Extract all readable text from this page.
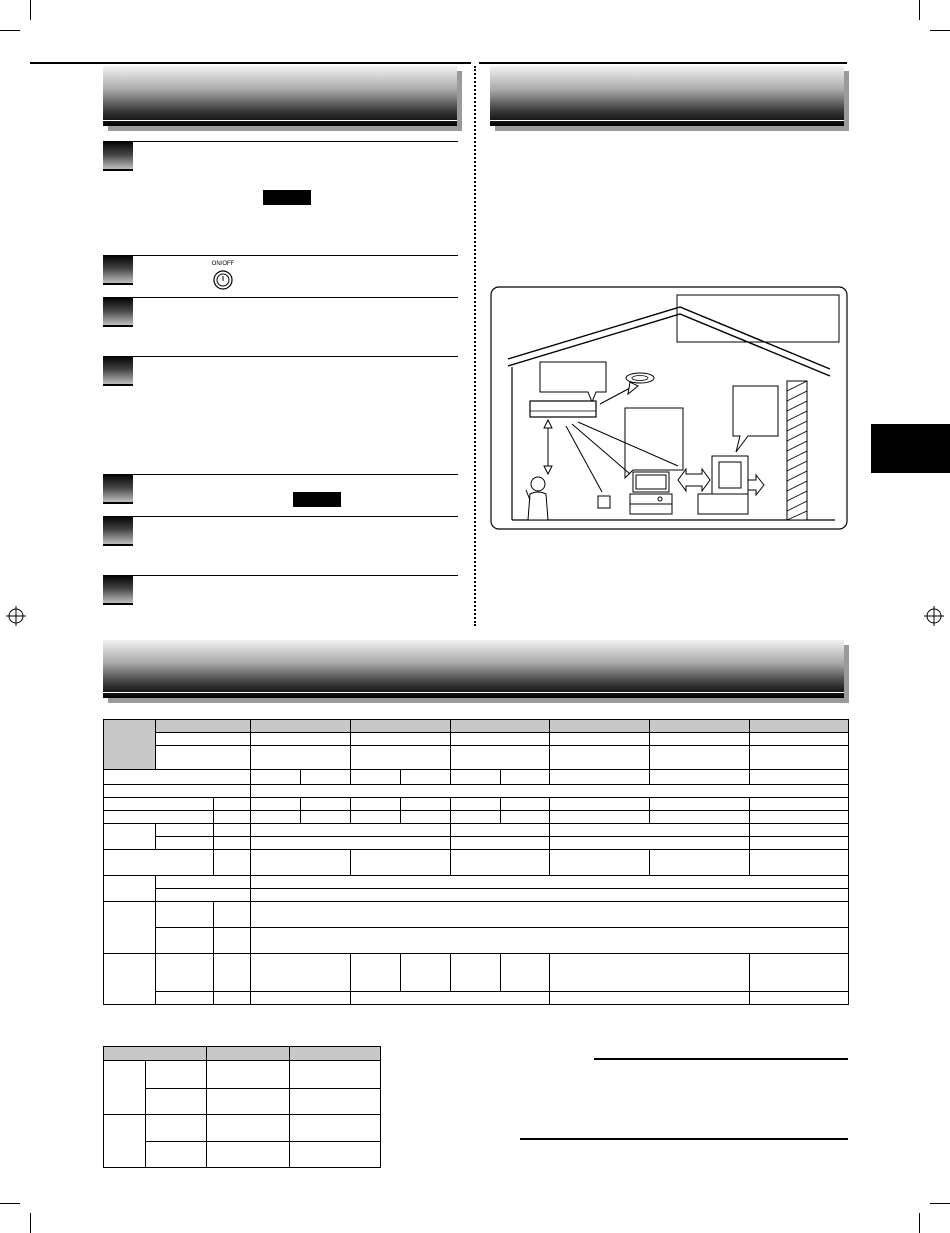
ON/OFF
